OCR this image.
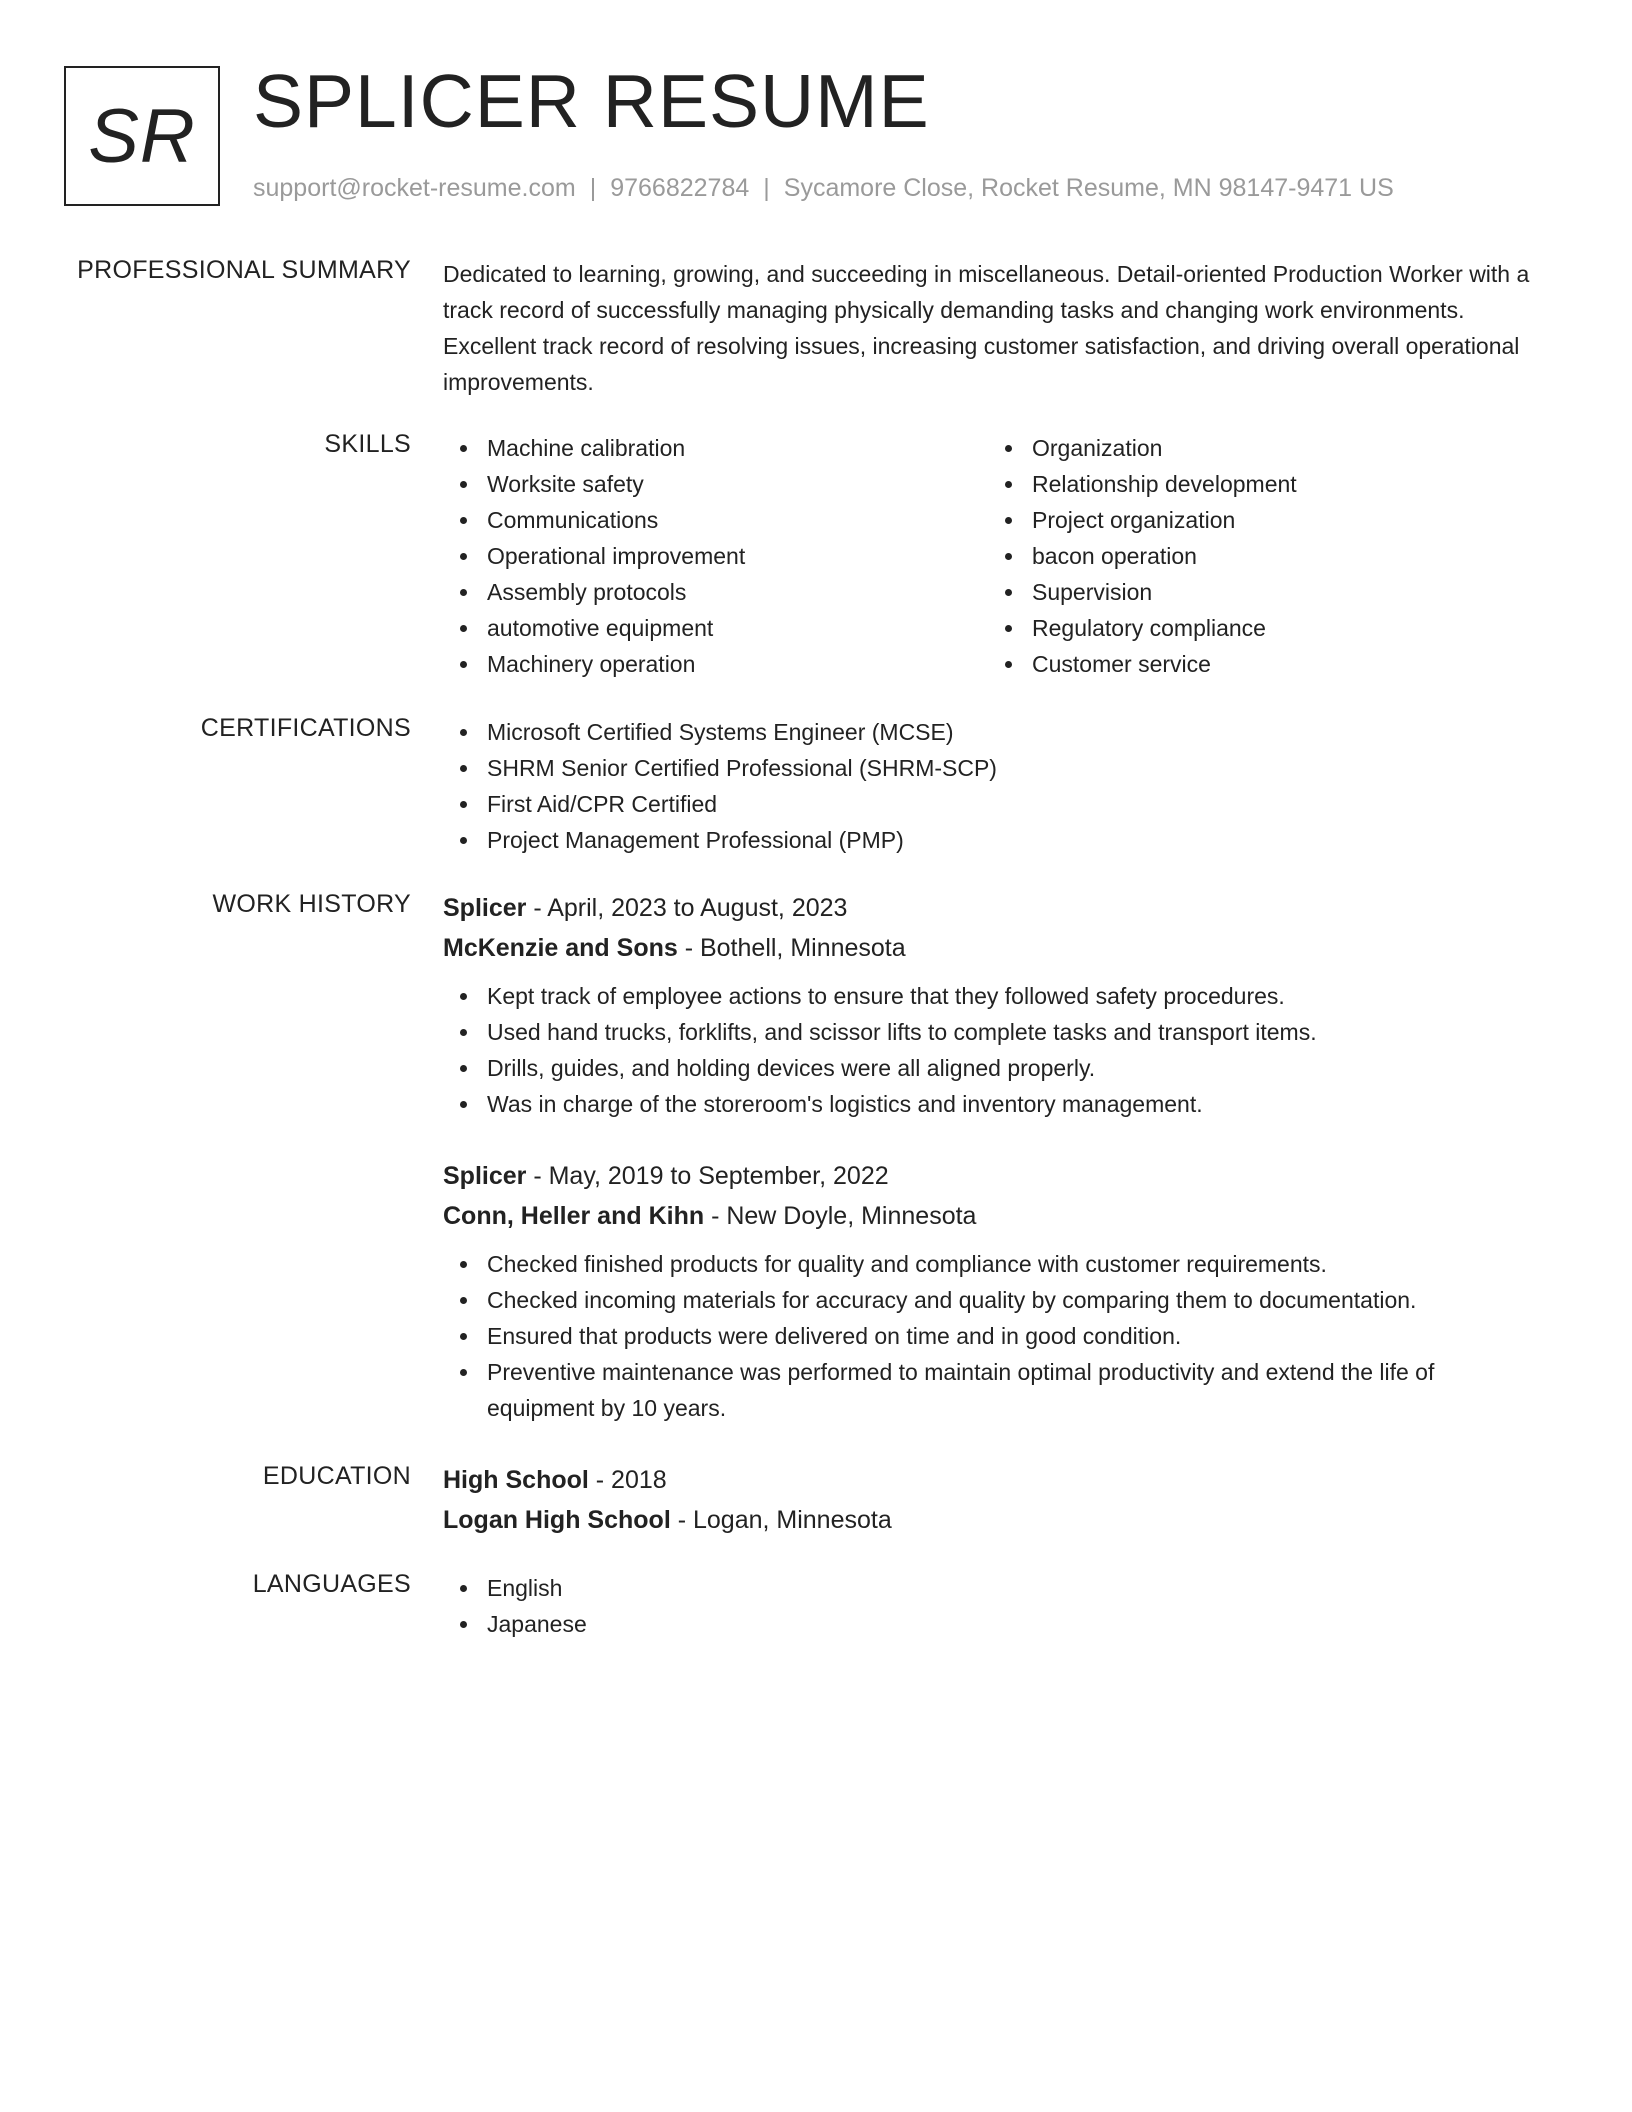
SR SPLICER RESUME
support@rocket-resume.com | 9766822784 | Sycamore Close, Rocket Resume, MN 98147-9471 US
PROFESSIONAL SUMMARY Dedicated to learning, growing, and succeeding in miscellaneous. Detail-oriented Production Worker with a track record of successfully managing physically demanding tasks and changing work environments. Excellent track record of resolving issues, increasing customer satisfaction, and driving overall operational improvements.

SKILLS	Machine calibration
Worksite safety
Communications
Operational improvement
Assembly protocols
automotive equipment
Machinery operation
Organization
Relationship development
Project organization
bacon operation
Supervision
Regulatory compliance
Customer service
CERTIFICATIONS	Microsoft Certified Systems Engineer (MCSE)
SHRM Senior Certified Professional (SHRM-SCP)
First Aid/CPR Certified
Project Management Professional (PMP)
WORK HISTORY Splicer - April, 2023 to August, 2023
McKenzie and Sons - Bothell, Minnesota
Kept track of employee actions to ensure that they followed safety procedures.
Used hand trucks, forklifts, and scissor lifts to complete tasks and transport items.
Drills, guides, and holding devices were all aligned properly.
Was in charge of the storeroom's logistics and inventory management.
Splicer - May, 2019 to September, 2022
Conn, Heller and Kihn - New Doyle, Minnesota
Checked finished products for quality and compliance with customer requirements.
Checked incoming materials for accuracy and quality by comparing them to documentation.
Ensured that products were delivered on time and in good condition.
Preventive maintenance was performed to maintain optimal productivity and extend the life of equipment by 10 years.
EDUCATION High School - 2018
Logan High School - Logan, Minnesota
LANGUAGES	English
Japanese
